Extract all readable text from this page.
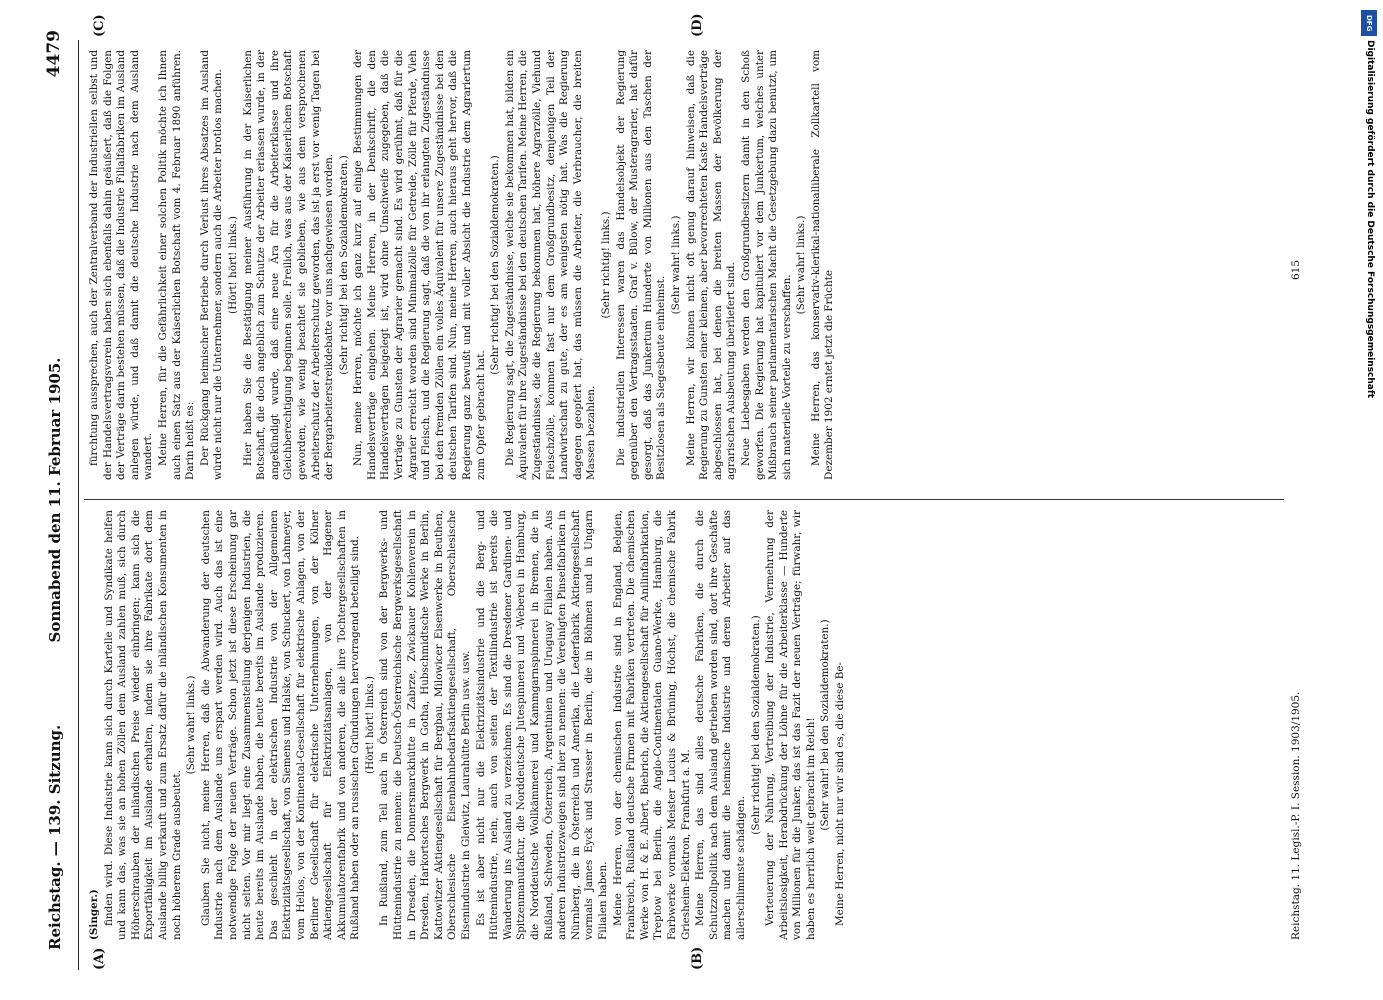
Reichstag. — 139. Sitzung.
Sonnabend den 11. Februar 1905.
4479
(A)	(B)
(C)	(D)

(Singer.) finden wird. Diese Industrie kann sich durch Kartelle und Syndikate helfen und kann das, was sie an hohen Zöllen dem Ausland zahlen muß, sich durch Höherschrauben der inländischen Preise wieder einbringen; kann sich die Exportfähigkeit im Auslande erhalten, indem sie ihre Fabrikate dort dem Auslande billig verkauft und zum Ersatz dafür die inländischen Konsumenten in noch höherem Grade ausbeutet.

(Sehr wahr! links.) Glauben Sie nicht, meine Herren, daß die Abwanderung der deutschen Industrie nach dem Auslande uns erspart werden wird. Auch das ist eine notwendige Folge der neuen Verträge. Schon jetzt ist diese Erscheinung gar nicht selten. Vor mir liegt eine Zusammenstellung derjenigen Industrien, die heute bereits im Auslande haben, die heute bereits im Auslande produzieren. Das geschieht in der elektrischen Industrie von der Allgemeinen Elektrizitätsgesellschaft, von Siemens und Halske, von Schuckert, von Lahmeyer, vom Helios, von der Kontinental-Gesellschaft für elektrische Anlagen, von der Berliner Gesellschaft für elektrische Unternehmungen, von der Kölner Aktiengesellschaft für Elektrizitätsanlagen, von der Hagener Akkumulatorenfabrik und von anderen, die alle ihre Tochtergesellschaften in Rußland haben oder an russischen Gründungen hervorragend beteiligt sind. (Hört! hört! links.) In Rußland, zum Teil auch in Österreich sind von der Bergwerks- und Hüttenindustrie zu nennen: die Deutsch-Österreichische Bergwerksgesellschaft in Dresden, die Donnersmarckhütte in Zabrze, Zwickauer Kohlenverein in Dresden, Harkortsches Bergwerk in Gotha, Hubschmidtsche Werke in Berlin, Kattowitzer Aktiengesellschaft für Bergbau, Milowicer Eisenwerke in Beuthen, Oberschlesische Eisenbahnbedarfsaktiengesellschaft, Oberschlesische Eisenindustrie in Gleiwitz, Laurahütte Berlin usw. usw. Es ist aber nicht nur die Elektrizitätsindustrie und die Berg- und Hüttenindustrie, nein, auch von seiten der Textilindustrie ist bereits die Wanderung ins Ausland zu verzeichnen. Es sind die Dresdener Gardinen- und Spitzenmanufaktur, die Norddeutsche Jutespinnerei und -Weberei in Hamburg, die Norddeutsche Wollkämmerei und Kammgarnspinnerei in Bremen, die in Rußland, Schweden, Österreich, Argentinien und Uruguay Filialen haben. Aus anderen Industriezweigen sind hier zu nennen: die Vereinigten Pinselfabriken in Nürnberg, die in Österreich und Amerika, die Lederfabrik Aktiengesellschaft vormals James Eyck und Strasser in Berlin, die in Böhmen und in Ungarn Filialen haben. Meine Herren, von der chemischen Industrie sind in England, Belgien, Frankreich, Rußland deutsche Firmen mit Fabriken vertreten. Die chemischen Werke von H. & E. Albert, Biebrich, die Aktiengesellschaft für Anilinfabrikation, Treptow bei Berlin, die Anglo-Continentalen Guano-Werke, Hamburg, die Farbwerke vormals Meister Lucius & Brüning, Höchst, die chemische Fabrik Griesheim-Elektron, Frankfurt a. M. Meine Herren, das sind alles deutsche Fabriken, die durch die Schutzzollpolitik nach dem Ausland getrieben worden sind, dort ihre Geschäfte machen und damit die heimische Industrie und deren Arbeiter auf das allerschlimmste schädigen.

(Sehr richtig! bei den Sozialdemokraten.) Verteuerung der Nahrung, Vertreibung der Industrie, Vermehrung der Arbeitslosigkeit, Herabdrückung der Löhne für die Arbeiterklasse — Hunderte von Millionen für die Junker, das ist das Fazit der neuen Verträge; fürwahr, wir haben es herrlich weit gebracht im Reich! (Sehr wahr! bei den Sozialdemokraten.) Meine Herren, nicht nur wir sind es, die diese Be-

fürchtung aussprechen, auch der Zentralverband der Industriellen selbst und der Handelsvertragsverein haben sich ebenfalls dahin geäußert, daß die Folgen der Verträge darin bestehen müssen, daß die Industrie Filialfabriken im Ausland anlegen würde, und daß damit die deutsche Industrie nach dem Ausland wandert. Meine Herren, für die Gefährlichkeit einer solchen Politik möchte ich Ihnen auch einen Satz aus der Kaiserlichen Botschaft vom 4. Februar 1890 anführen. Darin heißt es: Der Rückgang heimischer Betriebe durch Verlust ihres Absatzes im Ausland würde nicht nur die Unternehmer, sondern auch die Arbeiter brotlos machen. (Hört! hört! links.) Hier haben Sie die Bestätigung meiner Ausführung in der Kaiserlichen Botschaft, die doch angeblich zum Schutze der Arbeiter erlassen wurde, in der angekündigt wurde, daß eine neue Ära für die Arbeiterklasse und ihre Gleichberechtigung beginnen solle. Freilich, was aus der Kaiserlichen Botschaft geworden, wie wenig beachtet sie geblieben, wie aus dem versprochenen Arbeiterschutz der Arbeiterschutz geworden, das ist ja erst vor wenig Tagen bei der Bergarbeiterstreikdebatte vor uns nachgewiesen worden. (Sehr richtig! bei den Sozialdemokraten.) Nun, meine Herren, möchte ich ganz kurz auf einige Bestimmungen der Handelsverträge eingehen. Meine Herren, in der Denkschrift, die den Handelsverträgen beigelegt ist, wird ohne Umschweife zugegeben, daß die Verträge zu Gunsten der Agrarier gemacht sind. Es wird gerühmt, daß für die Agrarier erreicht worden sind Minimalzölle für Getreide, Zölle für Pferde, Vieh und Fleisch, und die Regierung sagt, daß die von ihr erlangten Zugeständnisse bei den fremden Zöllen ein volles Äquivalent für unsere Zugeständnisse bei den deutschen Tarifen sind. Nun, meine Herren, auch hieraus geht hervor, daß die Regierung ganz bewußt und mit voller Absicht die Industrie dem Agrariertum zum Opfer gebracht hat.

(Sehr richtig! bei den Sozialdemokraten.) Die Regierung sagt, die Zugeständnisse, welche sie bekommen hat, bilden ein Äquivalent für ihre Zugeständnisse bei den deutschen Tarifen. Meine Herren, die Zugeständnisse, die die Regierung bekommen hat, höhere Agrarzölle, Viehund Fleischzölle, kommen fast nur dem Großgrundbesitz, demjenigen Teil der Landwirtschaft zu gute, der es am wenigsten nötig hat. Was die Regierung dagegen geopfert hat, das müssen die Arbeiter, die Verbraucher, die breiten Massen bezahlen.

(Sehr richtig! links.) Die industriellen Interessen waren das Handelsobjekt der Regierung gegenüber den Vertragsstaaten. Graf v. Bülow, der Musteragrarier, hat dafür gesorgt, daß das Junkertum Hunderte von Millionen aus den Taschen der Besitzlosen als Siegesbeute einheimst.

(Sehr wahr! links.) Meine Herren, wir können nicht oft genug darauf hinweisen, daß die Regierung zu Gunsten einer kleinen, aber bevorrechteten Kaste Handelsverträge abgeschlossen hat, bei denen die breiten Massen der Bevölkerung der agrarischen Ausbeutung überliefert sind. Neue Liebesgaben werden den Großgrundbesitzern damit in den Schoß geworfen. Die Regierung hat kapituliert vor dem Junkertum, welches unter Mißbrauch seiner parlamentarischen Macht die Gesetzgebung dazu benutzt, um sich materielle Vorteile zu verschaffen.

(Sehr wahr! links.) Meine Herren, das konservativ-klerikal-nationalliberale Zollkartell vom Dezember 1902 erntet jetzt die Früchte

Reichstag. 11. Legisl.-P. I. Session. 1903/1905.
615
DFG
Digitalisierung gefördert durch die Deutsche Forschungsgemeinschaft
